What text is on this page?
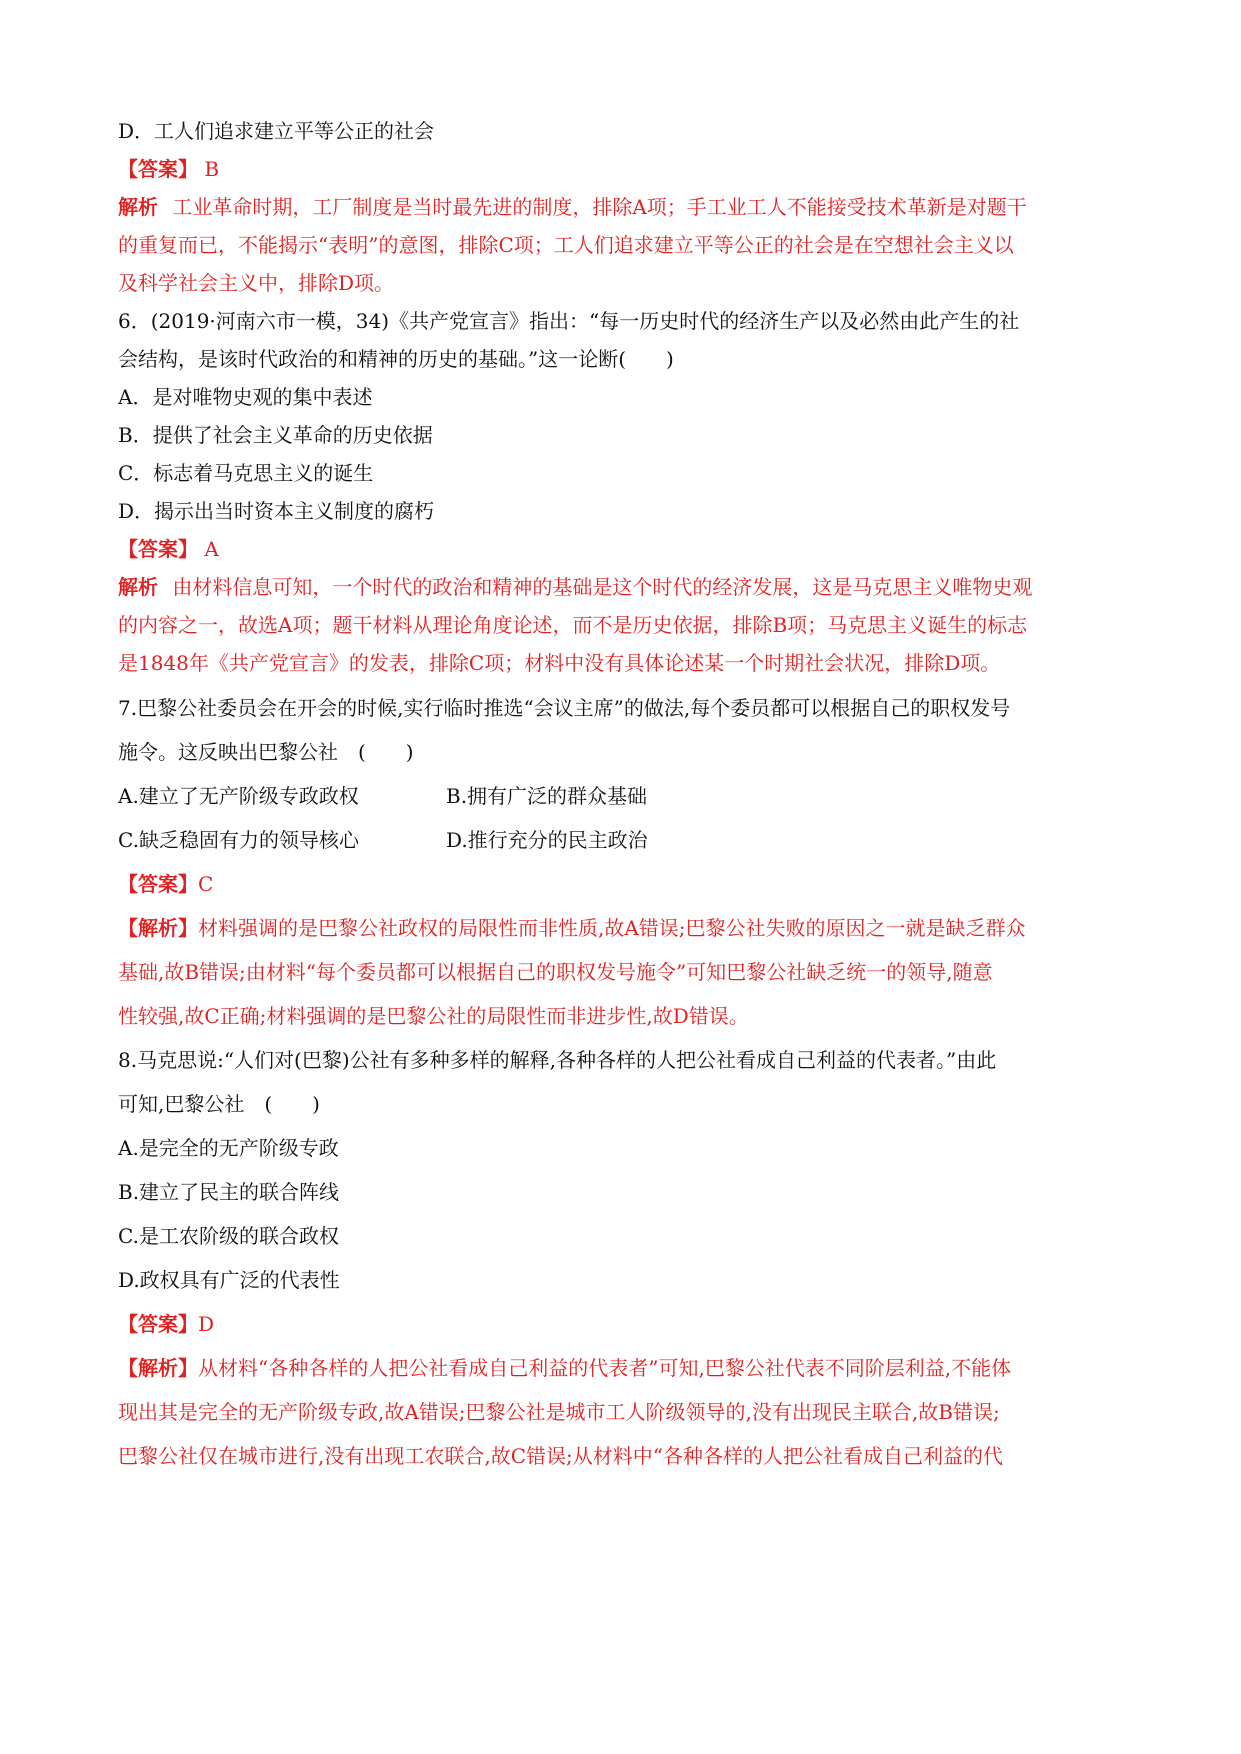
D．工人们追求建立平等公正的社会
【答案】 B
解析 工业革命时期，工厂制度是当时最先进的制度，排除A项；手工业工人不能接受技术革新是对题干
的重复而已，不能揭示“表明”的意图，排除C项；工人们追求建立平等公正的社会是在空想社会主义以
及科学社会主义中，排除D项。
6．(2019·河南六市一模，34)《共产党宣言》指出：“每一历史时代的经济生产以及必然由此产生的社
会结构，是该时代政治的和精神的历史的基础。”这一论断(　　)
A．是对唯物史观的集中表述
B．提供了社会主义革命的历史依据
C．标志着马克思主义的诞生
D．揭示出当时资本主义制度的腐朽
【答案】 A
解析 由材料信息可知，一个时代的政治和精神的基础是这个时代的经济发展，这是马克思主义唯物史观
的内容之一，故选A项；题干材料从理论角度论述，而不是历史依据，排除B项；马克思主义诞生的标志
是1848年《共产党宣言》的发表，排除C项；材料中没有具体论述某一个时期社会状况，排除D项。
7.巴黎公社委员会在开会的时候,实行临时推选“会议主席”的做法,每个委员都可以根据自己的职权发号
施令。这反映出巴黎公社　(　　)
A.建立了无产阶级专政政权	B.拥有广泛的群众基础
C.缺乏稳固有力的领导核心	D.推行充分的民主政治
【答案】C
【解析】材料强调的是巴黎公社政权的局限性而非性质,故A错误;巴黎公社失败的原因之一就是缺乏群众
基础,故B错误;由材料“每个委员都可以根据自己的职权发号施令”可知巴黎公社缺乏统一的领导,随意
性较强,故C正确;材料强调的是巴黎公社的局限性而非进步性,故D错误。
8.马克思说:“人们对(巴黎)公社有多种多样的解释,各种各样的人把公社看成自己利益的代表者。”由此
可知,巴黎公社　(　　)
A.是完全的无产阶级专政
B.建立了民主的联合阵线
C.是工农阶级的联合政权
D.政权具有广泛的代表性
【答案】D
【解析】从材料“各种各样的人把公社看成自己利益的代表者”可知,巴黎公社代表不同阶层利益,不能体
现出其是完全的无产阶级专政,故A错误;巴黎公社是城市工人阶级领导的,没有出现民主联合,故B错误;
巴黎公社仅在城市进行,没有出现工农联合,故C错误;从材料中“各种各样的人把公社看成自己利益的代
